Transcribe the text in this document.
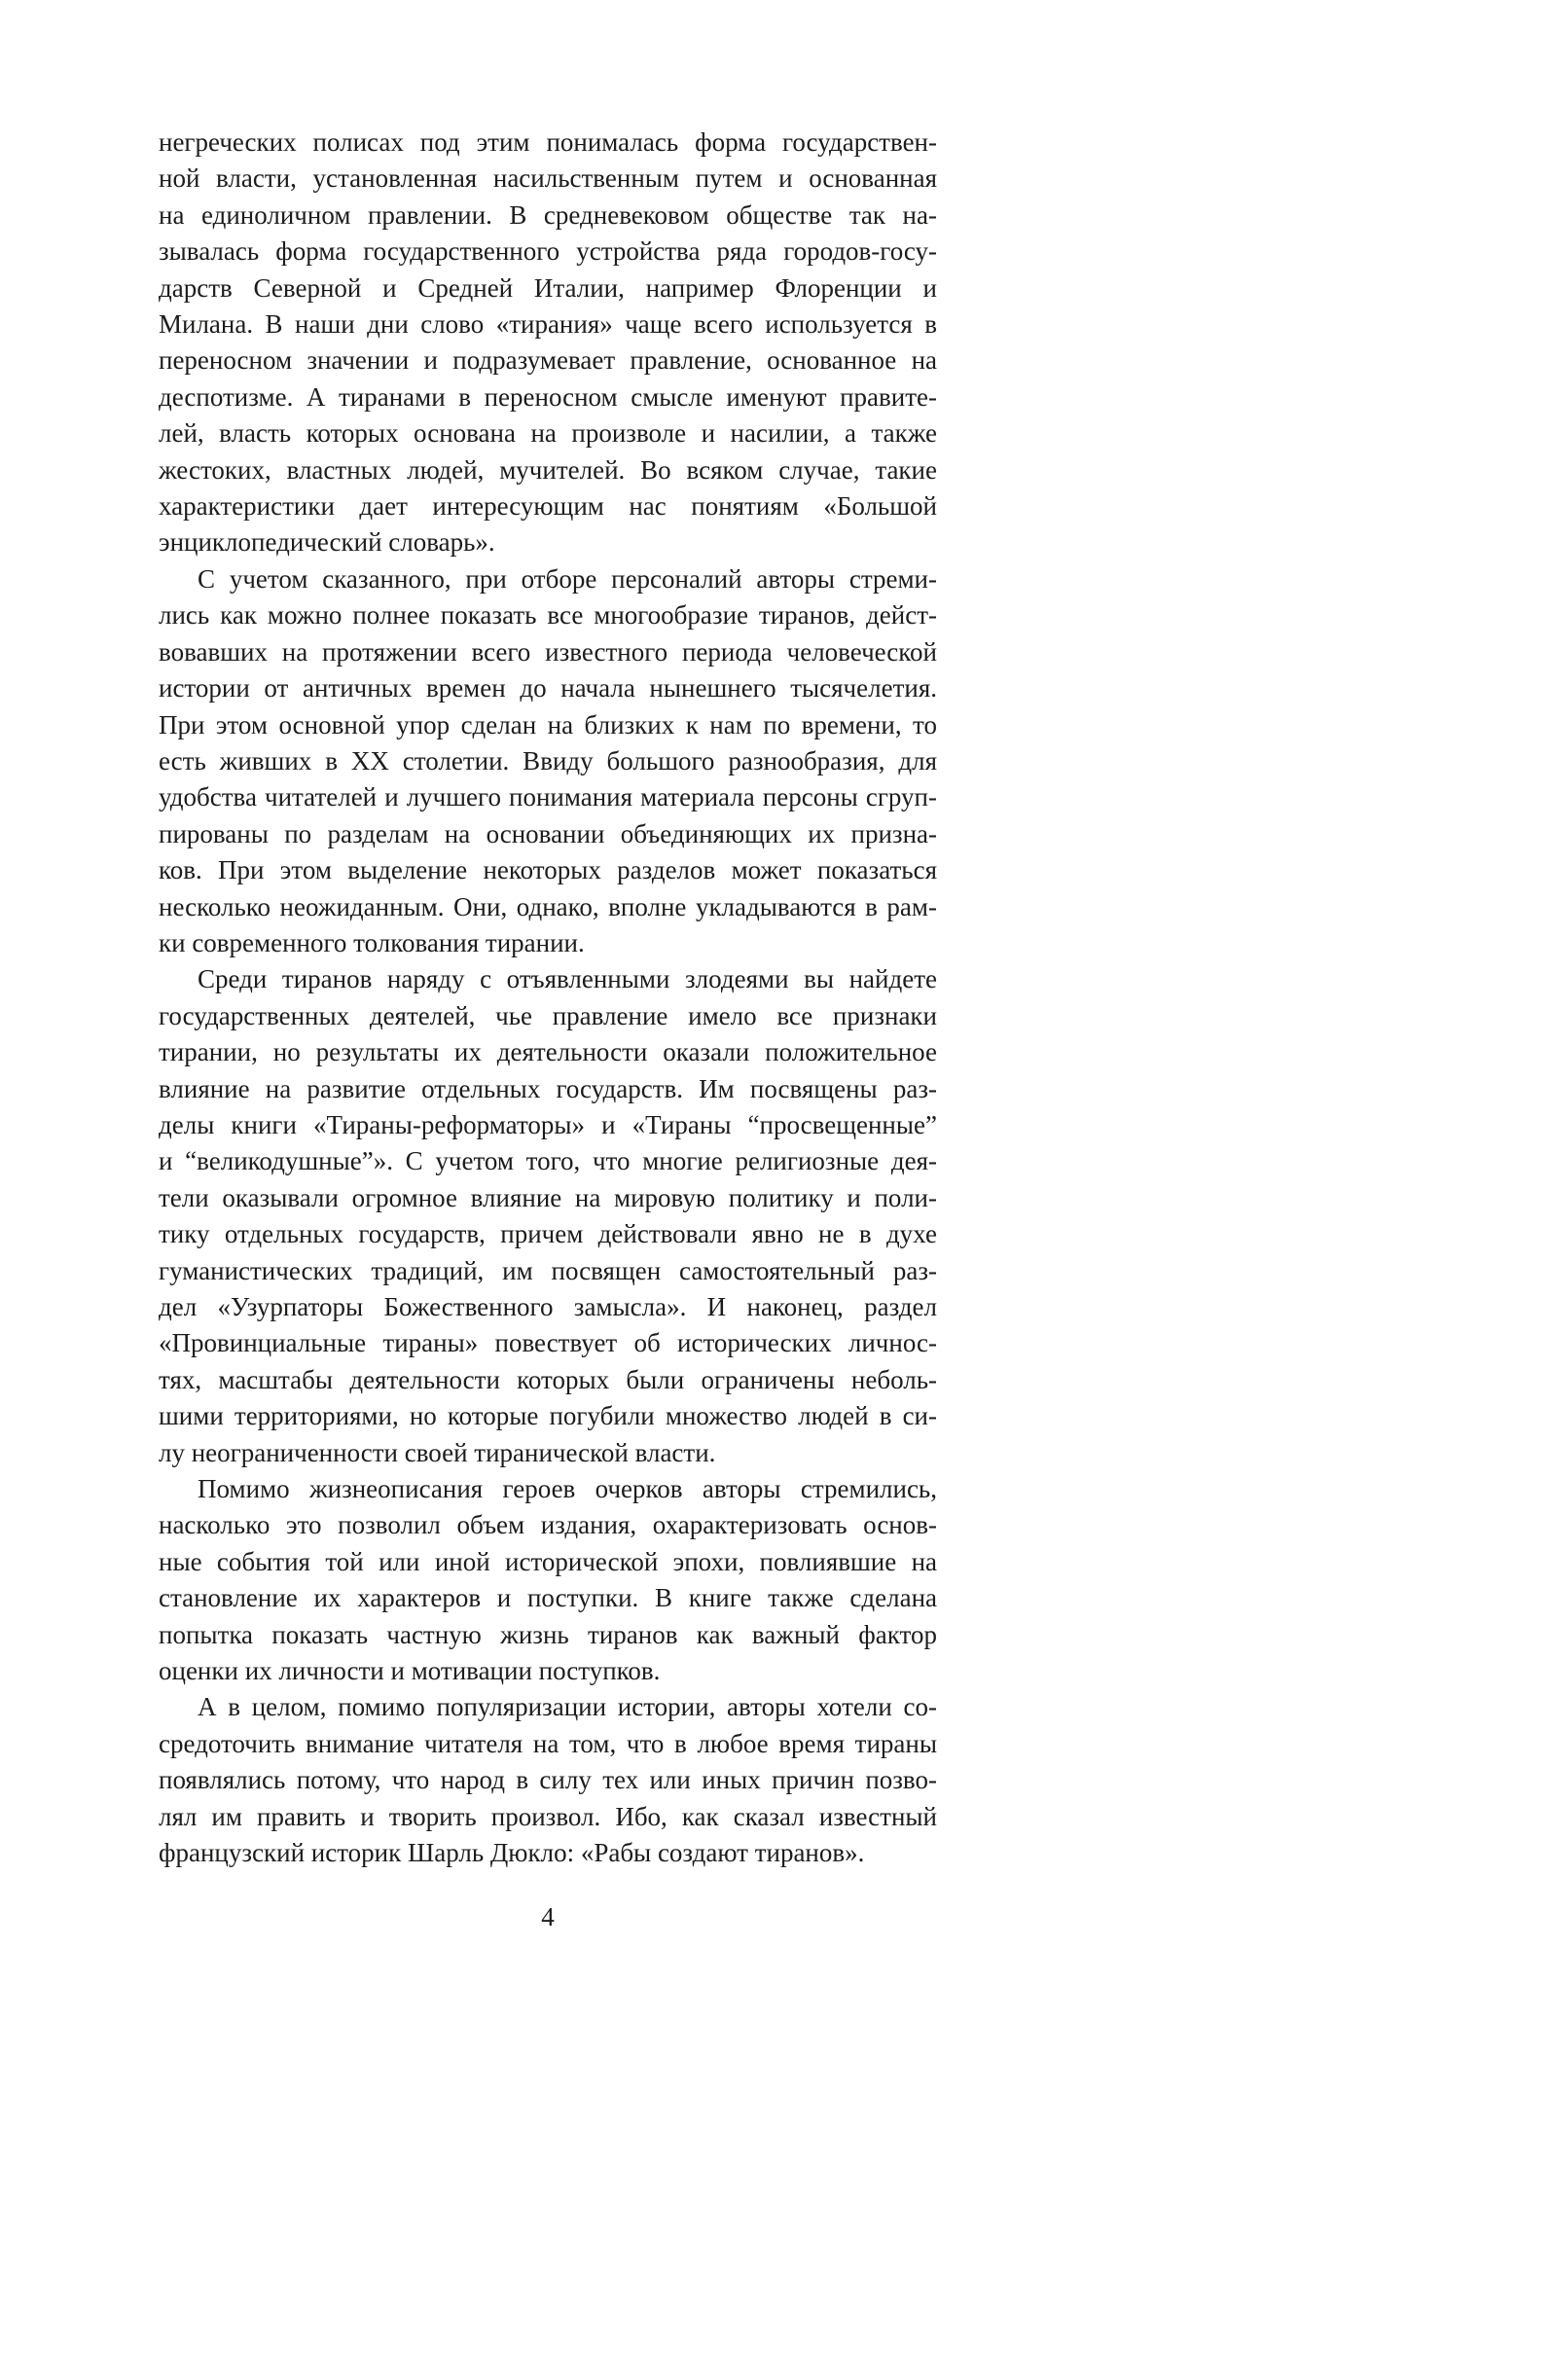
негреческих полисах под этим понималась форма государствен-
ной власти, установленная насильственным путем и основанная
на единоличном правлении. В средневековом обществе так на-
зывалась форма государственного устройства ряда городов-госу-
дарств Северной и Средней Италии, например Флоренции и
Милана. В наши дни слово «тирания» чаще всего используется в
переносном значении и подразумевает правление, основанное на
деспотизме. А тиранами в переносном смысле именуют правите-
лей, власть которых основана на произволе и насилии, а также
жестоких, властных людей, мучителей. Во всяком случае, такие
характеристики дает интересующим нас понятиям «Большой
энциклопедический словарь».
С учетом сказанного, при отборе персоналий авторы стреми-
лись как можно полнее показать все многообразие тиранов, дейст-
вовавших на протяжении всего известного периода человеческой
истории от античных времен до начала нынешнего тысячелетия.
При этом основной упор сделан на близких к нам по времени, то
есть живших в XX столетии. Ввиду большого разнообразия, для
удобства читателей и лучшего понимания материала персоны сгруп-
пированы по разделам на основании объединяющих их призна-
ков. При этом выделение некоторых разделов может показаться
несколько неожиданным. Они, однако, вполне укладываются в рам-
ки современного толкования тирании.
Среди тиранов наряду с отъявленными злодеями вы найдете
государственных деятелей, чье правление имело все признаки
тирании, но результаты их деятельности оказали положительное
влияние на развитие отдельных государств. Им посвящены раз-
делы книги «Тираны-реформаторы» и «Тираны “просвещенные”
и “великодушные”». С учетом того, что многие религиозные дея-
тели оказывали огромное влияние на мировую политику и поли-
тику отдельных государств, причем действовали явно не в духе
гуманистических традиций, им посвящен самостоятельный раз-
дел «Узурпаторы Божественного замысла». И наконец, раздел
«Провинциальные тираны» повествует об исторических личнос-
тях, масштабы деятельности которых были ограничены неболь-
шими территориями, но которые погубили множество людей в си-
лу неограниченности своей тиранической власти.
Помимо жизнеописания героев очерков авторы стремились,
насколько это позволил объем издания, охарактеризовать основ-
ные события той или иной исторической эпохи, повлиявшие на
становление их характеров и поступки. В книге также сделана
попытка показать частную жизнь тиранов как важный фактор
оценки их личности и мотивации поступков.
А в целом, помимо популяризации истории, авторы хотели со-
средоточить внимание читателя на том, что в любое время тираны
появлялись потому, что народ в силу тех или иных причин позво-
лял им править и творить произвол. Ибо, как сказал известный
французский историк Шарль Дюкло: «Рабы создают тиранов».
4
